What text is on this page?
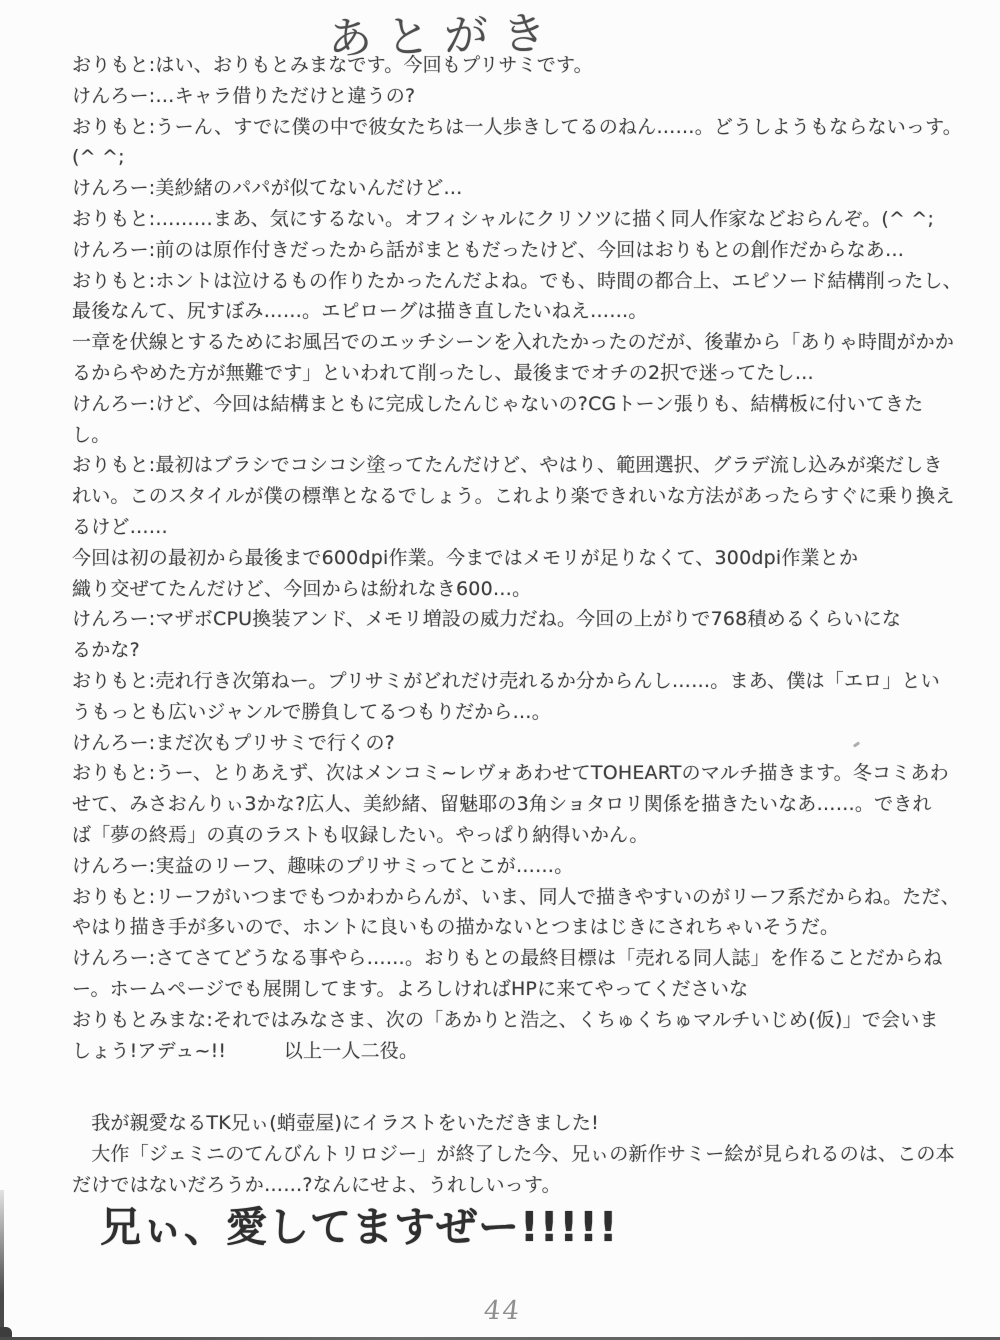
あとがき
おりもと:はい、おりもとみまなです。今回もプリサミです。
けんろー:…キャラ借りただけと違うの?
おりもと:うーん、すでに僕の中で彼女たちは一人歩きしてるのねん……。どうしようもならないっす。
(^ ^;
けんろー:美紗緒のパパが似てないんだけど…
おりもと:………まあ、気にするない。オフィシャルにクリソツに描く同人作家などおらんぞ。(^ ^;
けんろー:前のは原作付きだったから話がまともだったけど、今回はおりもとの創作だからなあ…
おりもと:ホントは泣けるもの作りたかったんだよね。でも、時間の都合上、エピソード結構削ったし、
最後なんて、尻すぼみ……。エピローグは描き直したいねえ……。
一章を伏線とするためにお風呂でのエッチシーンを入れたかったのだが、後輩から「ありゃ時間がかか
るからやめた方が無難です」といわれて削ったし、最後までオチの2択で迷ってたし…
けんろー:けど、今回は結構まともに完成したんじゃないの?CGトーン張りも、結構板に付いてきた
し。
おりもと:最初はブラシでコシコシ塗ってたんだけど、やはり、範囲選択、グラデ流し込みが楽だしき
れい。このスタイルが僕の標準となるでしょう。これより楽できれいな方法があったらすぐに乗り換え
るけど……
今回は初の最初から最後まで600dpi作業。今まではメモリが足りなくて、300dpi作業とか
織り交ぜてたんだけど、今回からは紛れなき600…。
けんろー:マザボCPU換装アンド、メモリ増設の威力だね。今回の上がりで768積めるくらいにな
るかな?
おりもと:売れ行き次第ねー。プリサミがどれだけ売れるか分からんし……。まあ、僕は「エロ」とい
うもっとも広いジャンルで勝負してるつもりだから…。
けんろー:まだ次もプリサミで行くの?
おりもと:うー、とりあえず、次はメンコミ~レヴォあわせてTOHEARTのマルチ描きます。冬コミあわ
せて、みさおんりぃ3かな?広人、美紗緒、留魅耶の3角ショタロリ関係を描きたいなあ……。できれ
ば「夢の終焉」の真のラストも収録したい。やっぱり納得いかん。
けんろー:実益のリーフ、趣味のプリサミってとこが……。
おりもと:リーフがいつまでもつかわからんが、いま、同人で描きやすいのがリーフ系だからね。ただ、
やはり描き手が多いので、ホントに良いもの描かないとつまはじきにされちゃいそうだ。
けんろー:さてさてどうなる事やら……。おりもとの最終目標は「売れる同人誌」を作ることだからね
ー。ホームページでも展開してます。よろしければHPに来てやってくださいな
おりもとみまな:それではみなさま、次の「あかりと浩之、くちゅくちゅマルチいじめ(仮)」で会いま
しょう!アデュ~!!　　　以上一人二役。
　我が親愛なるTK兄ぃ(蛸壺屋)にイラストをいただきました!
　大作「ジェミニのてんびんトリロジー」が終了した今、兄ぃの新作サミー絵が見られるのは、この本
だけではないだろうか……?なんにせよ、うれしいっす。
兄ぃ、愛してますぜー!!!!!
44
